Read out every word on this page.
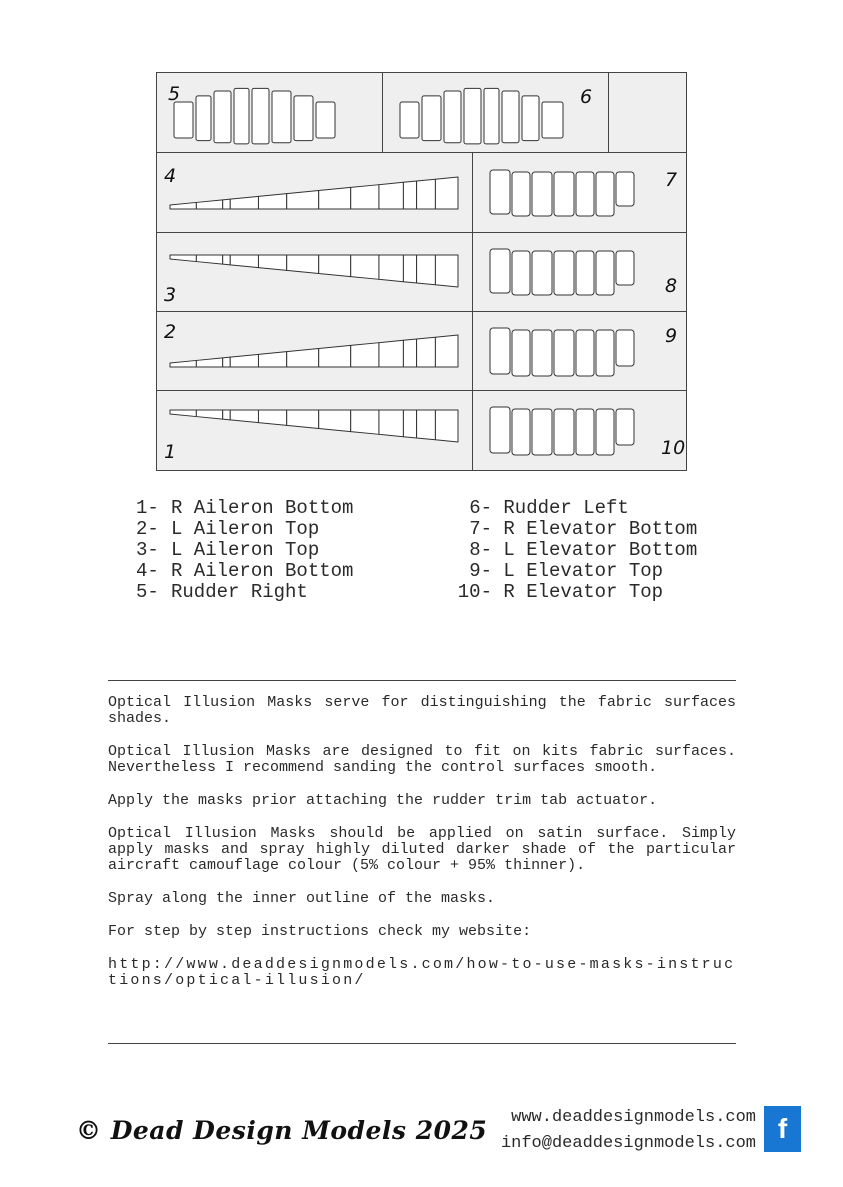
5	6
4	7
3	8
2	9
1	10
1- R Aileron Bottom
2- L Aileron Top
3- L Aileron Top
4- R Aileron Bottom
5- Rudder Right
6- Rudder Left
7- R Elevator Bottom
8- L Elevator Bottom
9- L Elevator Top
10- R Elevator Top

Optical Illusion Masks serve for distinguishing the fabric surfaces shades.

Optical Illusion Masks are designed to fit on kits fabric surfaces. Nevertheless I recommend sanding the control surfaces smooth.

Apply the masks prior attaching the rudder trim tab actuator.

Optical Illusion Masks should be applied on satin surface. Simply apply masks and spray highly diluted darker shade of the particular aircraft camouflage colour (5% colour + 95% thinner).

Spray along the inner outline of the masks.

For step by step instructions check my website:

http://www.deaddesignmodels.com/how-to-use-masks-instructions/optical-illusion/

© Dead Design Models 2025	www.deaddesignmodels.com
info@deaddesignmodels.com f
